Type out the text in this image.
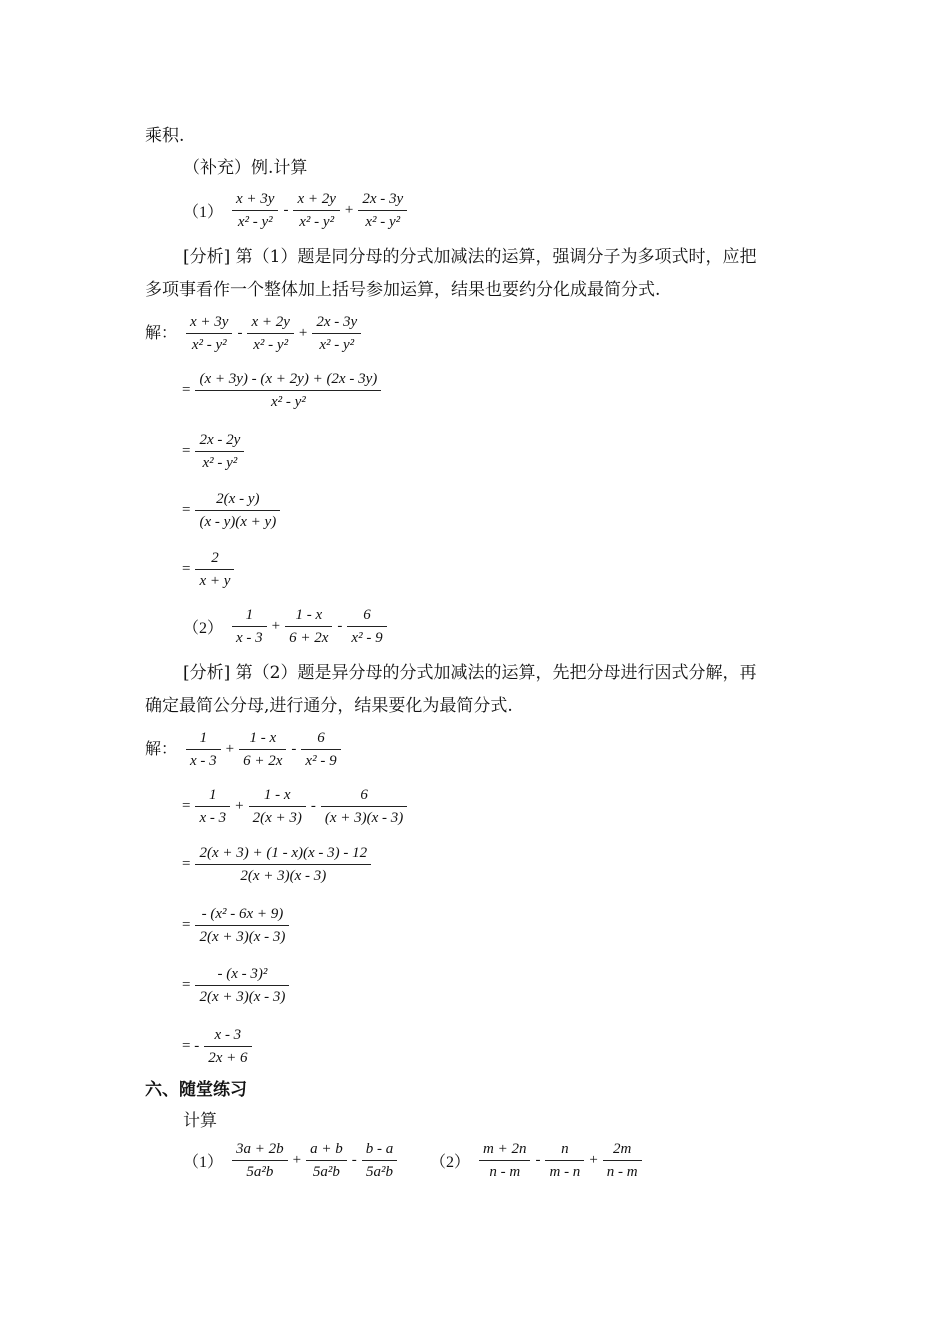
乘积.
（补充）例.计算
$(1) \frac{x + 3y}{\text{x² - y²}} - \frac{x + 2y}{\text{x² - y²}} + \frac{2x - 3y}{\text{x² - y²}}$
[分析] 第（1）题是同分母的分式加减法的运算，强调分子为多项式时，应把
多项事看作一个整体加上括号参加运算，结果也要约分化成最简分式.
解： $\frac{x + 3y}{\text{x² - y²}} - \frac{x + 2y}{\text{x² - y²}} + \frac{2x - 3y}{\text{x² - y²}}$
= $\frac{(x + 3y) - (x + 2y) + (2x - 3y)}{\text{x² - y²}}$
= $\frac{2x - 2y}{\text{x² - y²}}$
= $\frac{2(x - y)}{(x - y)(x + y)}$
= $\frac{2}{x + y}$
$(2) \frac{1}{x - 3} + \frac{1 - x}{6 + 2x} - \frac{6}{\text{x² - 9}}$
[分析] 第（2）题是异分母的分式加减法的运算，先把分母进行因式分解，再
确定最简公分母,进行通分，结果要化为最简分式.
解： $\frac{1}{x - 3} + \frac{1 - x}{6 + 2x} - \frac{6}{\text{x² - 9}}$
= $\frac{1}{x - 3} + \frac{1 - x}{2(x + 3)} - \frac{6}{(x + 3)(x - 3)}$
= $\frac{2(x + 3) + (1 - x)(x - 3) - 12}{2(x + 3)(x - 3)}$
= $\frac{\text{- (x² - 6x + 9)}}{2(x + 3)(x - 3)}$
= $\frac{\text{- (x - 3)²}}{2(x + 3)(x - 3)}$
= - $\frac{x - 3}{2x + 6}$
六、随堂练习
计算
$(1) \frac{3a + 2b}{\text{5a²b}} + \frac{a + b}{\text{5a²b}} - \frac{b - a}{\text{5a²b}} (2) \frac{m + 2n}{n - m} - \frac{n}{m - n} + \frac{2m}{n - m}$
